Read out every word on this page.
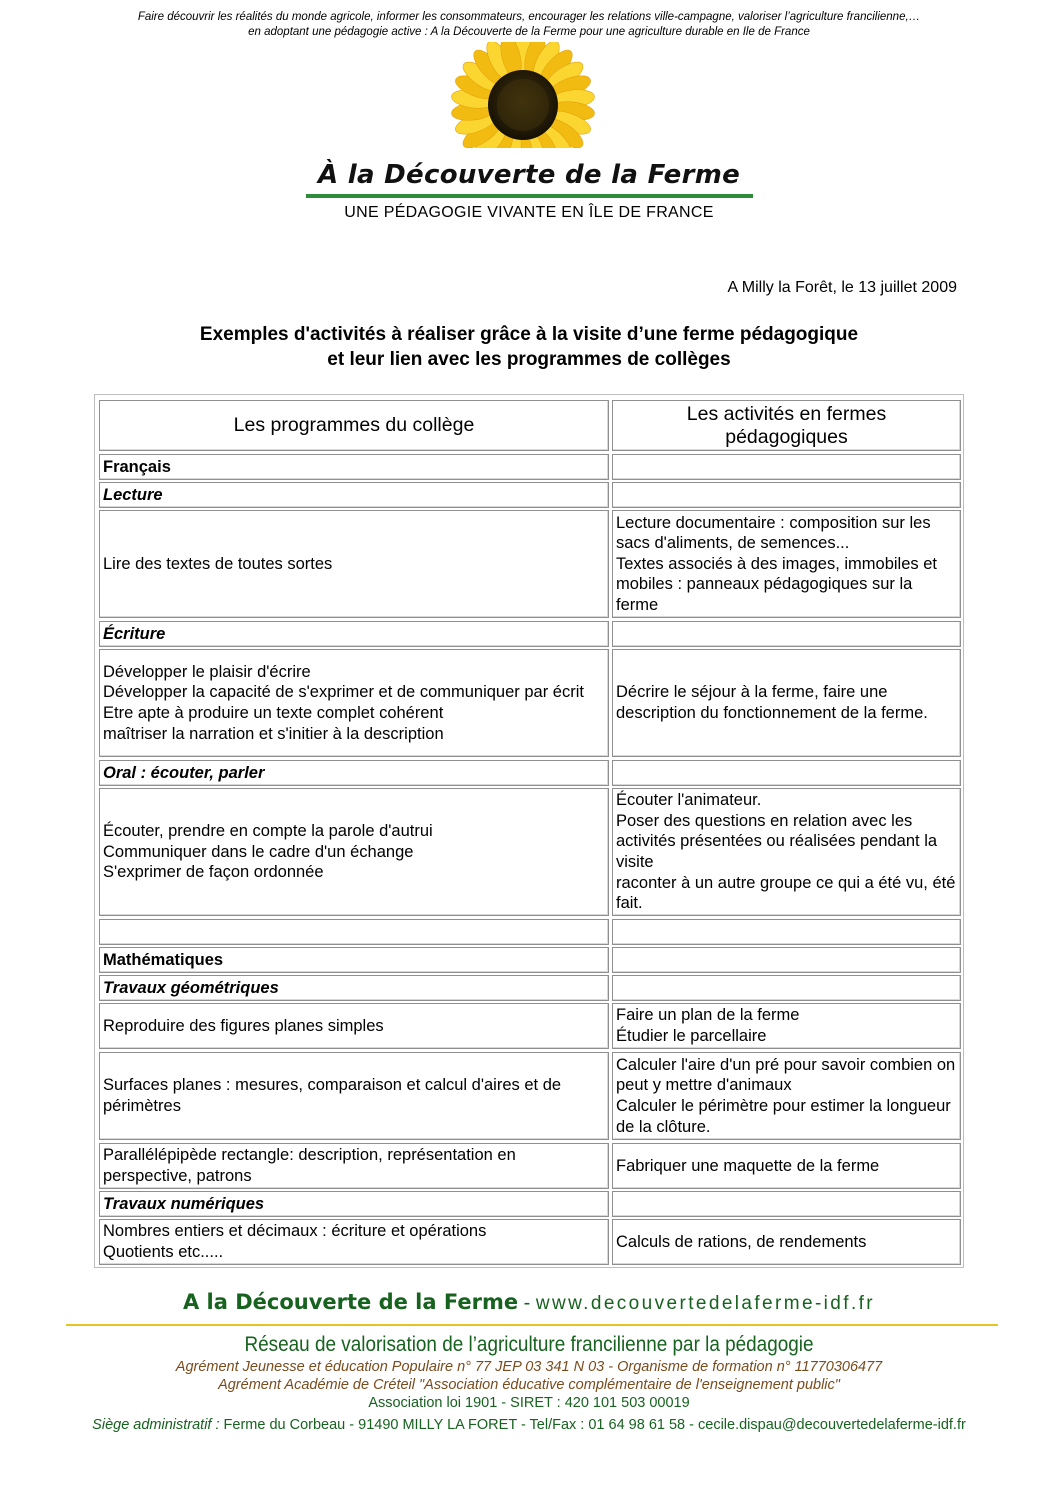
Faire découvrir les réalités du monde agricole, informer les consommateurs, encourager les relations ville-campagne, valoriser l’agriculture francilienne,…
en adoptant une pédagogie active : A la Découverte de la Ferme pour une agriculture durable en Ile de France
À la Découverte de la Ferme
UNE PÉDAGOGIE VIVANTE EN ÎLE DE FRANCE
A Milly la Forêt, le 13 juillet 2009
Exemples d'activités à réaliser grâce à la visite d’une ferme pédagogique
et leur lien avec les programmes de collèges
Les programmes du collège
Les activités en fermes
pédagogiques
Français
Lecture
Lire des textes de toutes sortes
Lecture documentaire : composition sur les sacs d'aliments, de semences...
Textes associés à des images, immobiles et mobiles : panneaux pédagogiques sur la ferme
Écriture
Développer le plaisir d'écrire
Développer la capacité de s'exprimer et de communiquer par écrit
Etre apte à produire un texte complet cohérent
maîtriser la narration et s'initier à la description
Décrire le séjour à la ferme, faire une description du fonctionnement de la ferme.
Oral : écouter, parler
Écouter, prendre en compte la parole d'autrui
Communiquer dans le cadre d'un échange
S'exprimer de façon ordonnée
Écouter l'animateur.
Poser des questions en relation avec les activités présentées ou réalisées pendant la visite
raconter à un autre groupe ce qui a été vu, été fait.
Mathématiques
Travaux géométriques
Reproduire des figures planes simples
Faire un plan de la ferme
Étudier le parcellaire
Surfaces planes : mesures, comparaison et calcul d'aires et de périmètres
Calculer l'aire d'un pré pour savoir combien on peut y mettre d'animaux
Calculer le périmètre pour estimer la longueur de la clôture.
Parallélépipède rectangle: description, représentation en perspective, patrons
Fabriquer une maquette de la ferme
Travaux numériques
Nombres entiers et décimaux : écriture et opérations
Quotients etc.....
Calculs de rations, de rendements
A la Découverte de la Ferme - www.decouvertedelaferme-idf.fr
Réseau de valorisation de l’agriculture francilienne par la pédagogie
Agrément Jeunesse et éducation Populaire n° 77 JEP 03 341 N 03 - Organisme de formation n° 11770306477
Agrément Académie de Créteil "Association éducative complémentaire de l'enseignement public"
Association loi 1901 - SIRET : 420 101 503 00019
Siège administratif : Ferme du Corbeau - 91490 MILLY LA FORET - Tel/Fax : 01 64 98 61 58 - cecile.dispau@decouvertedelaferme-idf.fr
